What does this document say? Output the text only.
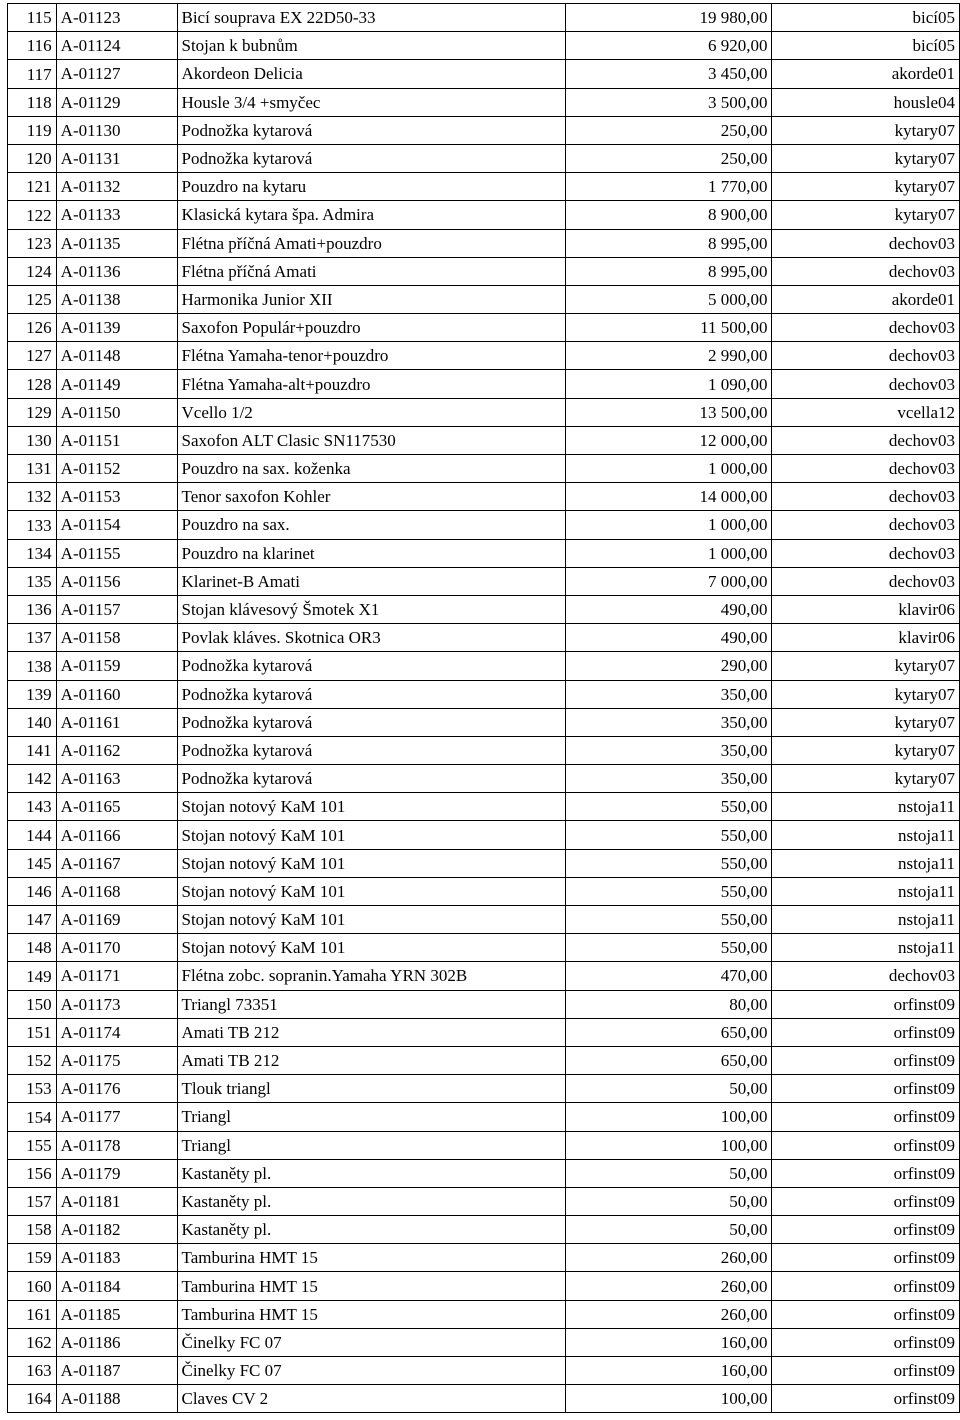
115	A-01123	Bicí souprava EX 22D50-33	19 980,00	bicí05
116	A-01124	Stojan k bubnům	6 920,00	bicí05
117	A-01127	Akordeon Delicia	3 450,00	akorde01
118	A-01129	Housle 3/4 +smyčec	3 500,00	housle04
119	A-01130	Podnožka kytarová	250,00	kytary07
120	A-01131	Podnožka kytarová	250,00	kytary07
121	A-01132	Pouzdro na kytaru	1 770,00	kytary07
122	A-01133	Klasická kytara špa. Admira	8 900,00	kytary07
123	A-01135	Flétna příčná Amati+pouzdro	8 995,00	dechov03
124	A-01136	Flétna příčná Amati	8 995,00	dechov03
125	A-01138	Harmonika Junior XII	5 000,00	akorde01
126	A-01139	Saxofon Populár+pouzdro	11 500,00	dechov03
127	A-01148	Flétna Yamaha-tenor+pouzdro	2 990,00	dechov03
128	A-01149	Flétna Yamaha-alt+pouzdro	1 090,00	dechov03
129	A-01150	Vcello 1/2	13 500,00	vcella12
130	A-01151	Saxofon ALT Clasic SN117530	12 000,00	dechov03
131	A-01152	Pouzdro na sax. koženka	1 000,00	dechov03
132	A-01153	Tenor saxofon Kohler	14 000,00	dechov03
133	A-01154	Pouzdro na sax.	1 000,00	dechov03
134	A-01155	Pouzdro na klarinet	1 000,00	dechov03
135	A-01156	Klarinet-B Amati	7 000,00	dechov03
136	A-01157	Stojan klávesový Šmotek X1	490,00	klavir06
137	A-01158	Povlak kláves. Skotnica OR3	490,00	klavir06
138	A-01159	Podnožka kytarová	290,00	kytary07
139	A-01160	Podnožka kytarová	350,00	kytary07
140	A-01161	Podnožka kytarová	350,00	kytary07
141	A-01162	Podnožka kytarová	350,00	kytary07
142	A-01163	Podnožka kytarová	350,00	kytary07
143	A-01165	Stojan notový KaM 101	550,00	nstoja11
144	A-01166	Stojan notový KaM 101	550,00	nstoja11
145	A-01167	Stojan notový KaM 101	550,00	nstoja11
146	A-01168	Stojan notový KaM 101	550,00	nstoja11
147	A-01169	Stojan notový KaM 101	550,00	nstoja11
148	A-01170	Stojan notový KaM 101	550,00	nstoja11
149	A-01171	Flétna zobc. sopranin.Yamaha YRN 302B	470,00	dechov03
150	A-01173	Triangl 73351	80,00	orfinst09
151	A-01174	Amati TB 212	650,00	orfinst09
152	A-01175	Amati TB 212	650,00	orfinst09
153	A-01176	Tlouk triangl	50,00	orfinst09
154	A-01177	Triangl	100,00	orfinst09
155	A-01178	Triangl	100,00	orfinst09
156	A-01179	Kastaněty pl.	50,00	orfinst09
157	A-01181	Kastaněty pl.	50,00	orfinst09
158	A-01182	Kastaněty pl.	50,00	orfinst09
159	A-01183	Tamburina HMT 15	260,00	orfinst09
160	A-01184	Tamburina HMT 15	260,00	orfinst09
161	A-01185	Tamburina HMT 15	260,00	orfinst09
162	A-01186	Činelky FC 07	160,00	orfinst09
163	A-01187	Činelky FC 07	160,00	orfinst09
164	A-01188	Claves CV 2	100,00	orfinst09
